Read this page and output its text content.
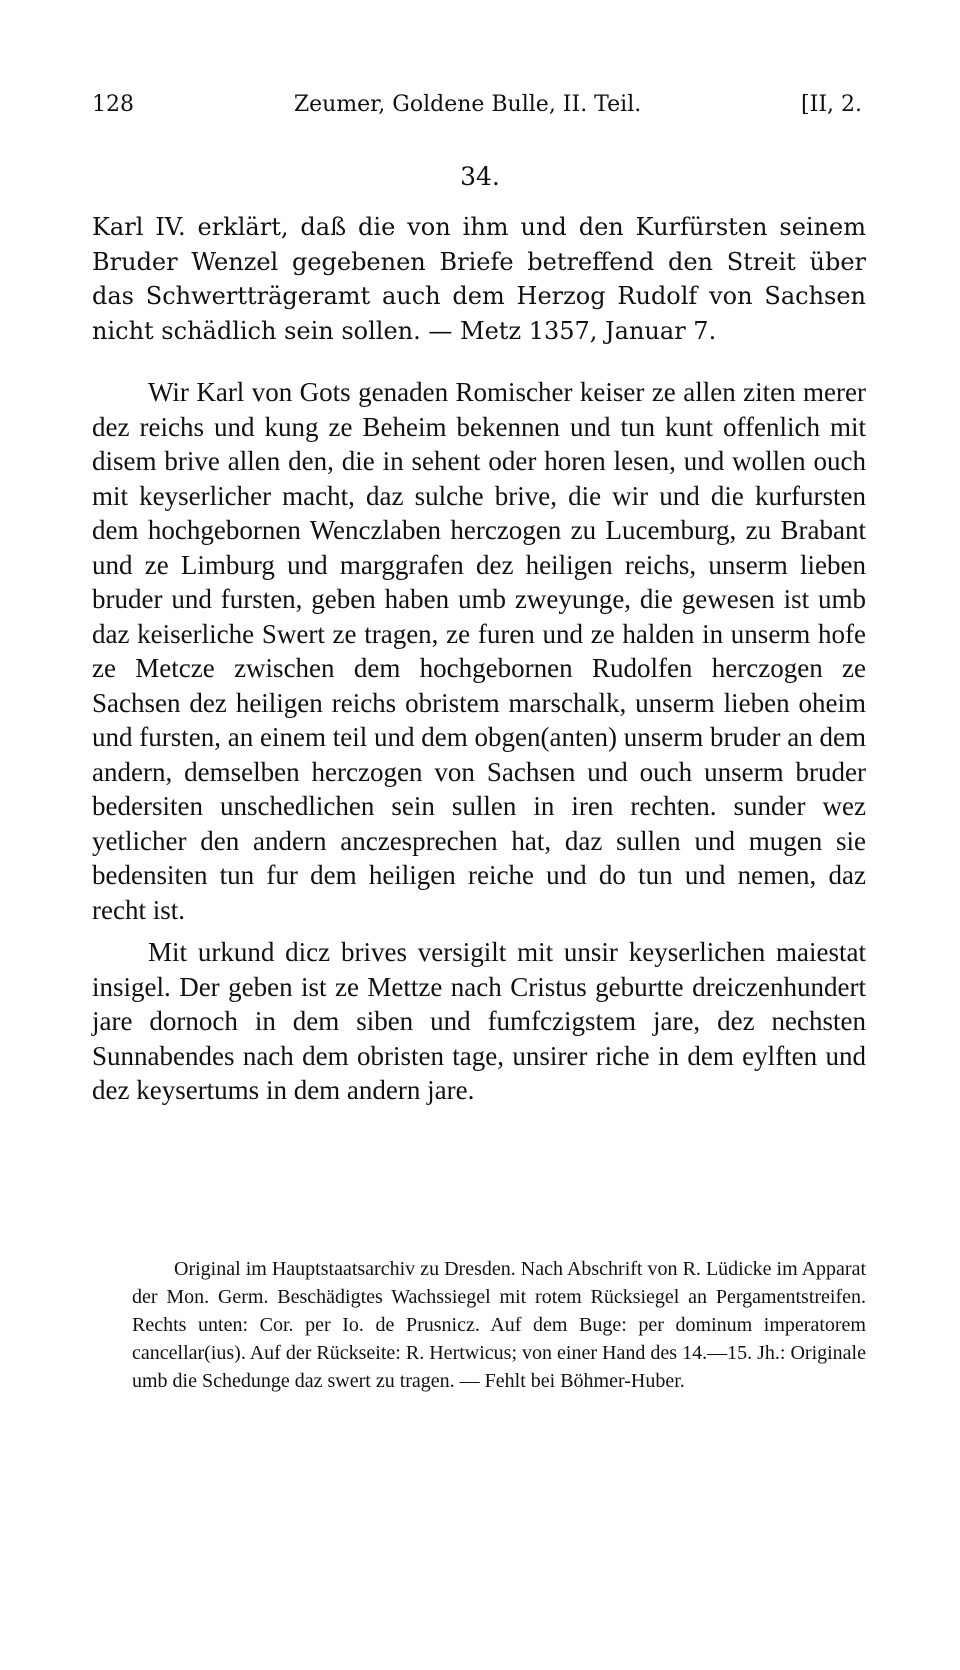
128	Zeumer, Goldene Bulle, II. Teil.	[II, 2.
34.
Karl IV. erklärt, daß die von ihm und den Kurfürsten seinem Bruder Wenzel gegebenen Briefe betreffend den Streit über das Schwertträgeramt auch dem Herzog Rudolf von Sachsen nicht schädlich sein sollen. — Metz 1357, Januar 7.

Wir Karl von Gots genaden Romischer keiser ze allen ziten merer dez reichs und kung ze Beheim bekennen und tun kunt offenlich mit disem brive allen den, die in sehent oder horen lesen, und wollen ouch mit keyserlicher macht, daz sulche brive, die wir und die kurfursten dem hochgebornen Wenczlaben herczogen zu Lucemburg, zu Brabant und ze Limburg und marggrafen dez heiligen reichs, unserm lieben bruder und fursten, geben haben umb zweyunge, die gewesen ist umb daz keiserliche Swert ze tragen, ze furen und ze halden in unserm hofe ze Metcze zwischen dem hochgebornen Rudolfen herczogen ze Sachsen dez heiligen reichs obristem marschalk, unserm lieben oheim und fursten, an einem teil und dem obgen(anten) unserm bruder an dem andern, demselben herczogen von Sachsen und ouch unserm bruder bedersiten unschedlichen sein sullen in iren rechten. sunder wez yetlicher den andern anczesprechen hat, daz sullen und mugen sie bedensiten tun fur dem heiligen reiche und do tun und nemen, daz recht ist.

Mit urkund dicz brives versigilt mit unsir keyserlichen maiestat insigel. Der geben ist ze Mettze nach Cristus geburtte dreiczenhundert jare dornoch in dem siben und fumfczigstem jare, dez nechsten Sunnabendes nach dem obristen tage, unsirer riche in dem eylften und dez keysertums in dem andern jare.

Original im Hauptstaatsarchiv zu Dresden. Nach Abschrift von R. Lüdicke im Apparat der Mon. Germ. Beschädigtes Wachssiegel mit rotem Rücksiegel an Pergamentstreifen. Rechts unten: Cor. per Io. de Prusnicz. Auf dem Buge: per dominum imperatorem cancellar(ius). Auf der Rückseite: R. Hertwicus; von einer Hand des 14.—15. Jh.: Originale umb die Schedunge daz swert zu tragen. — Fehlt bei Böhmer-Huber.
